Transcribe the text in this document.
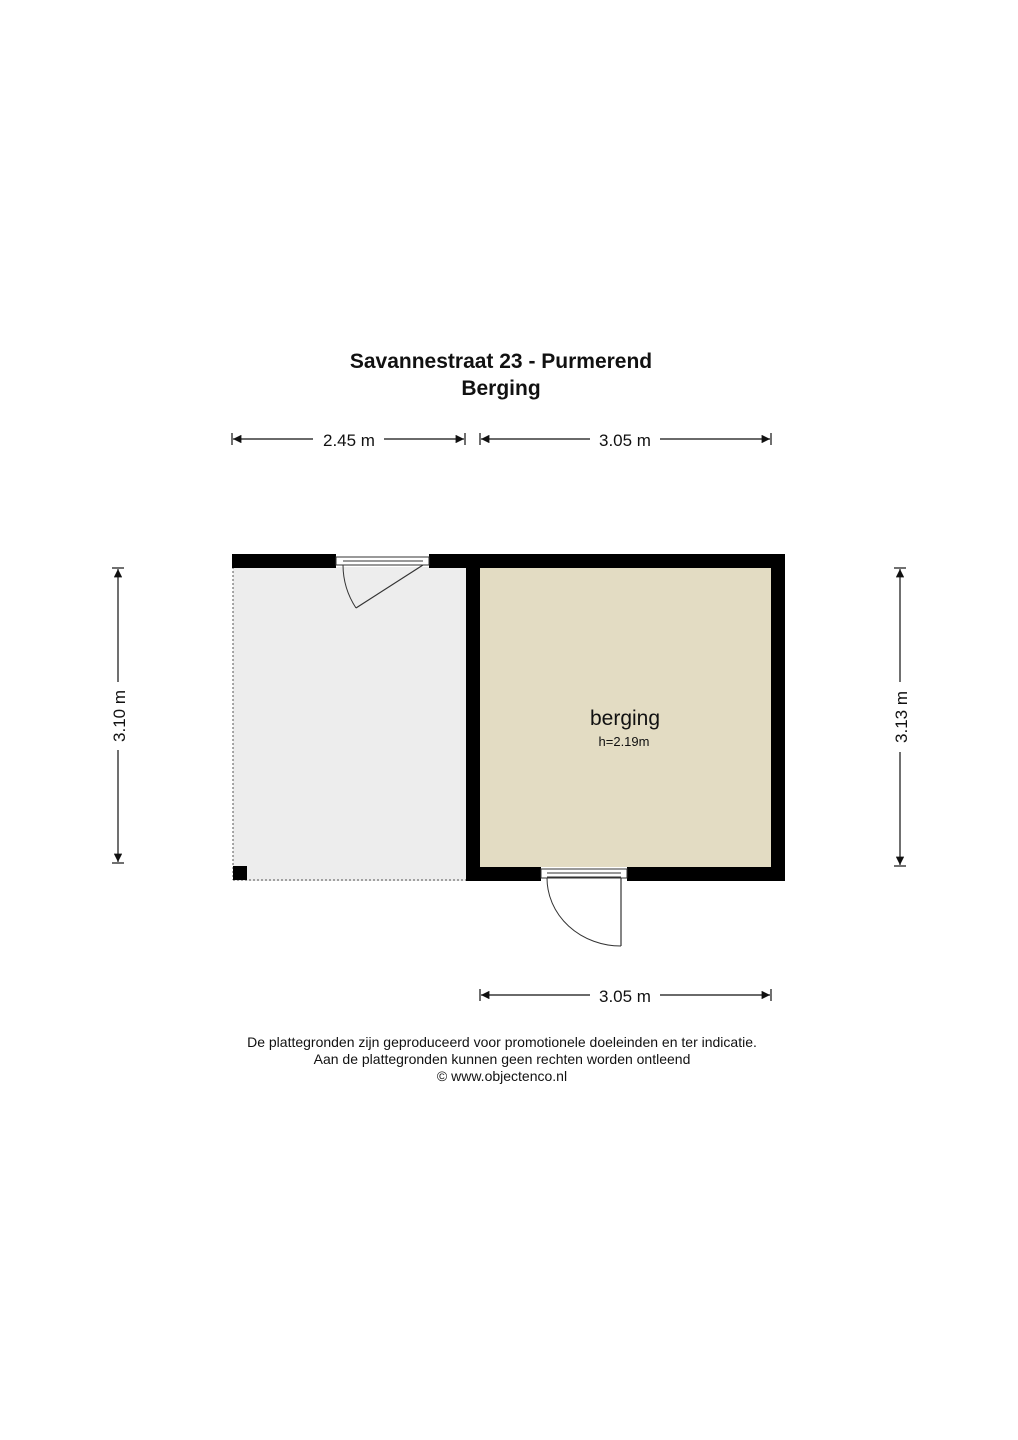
Savannestraat 23 - Purmerend
Berging
2.45 m	3.05 m
3.10 m	3.13 m
berging
h=2.19m
3.05 m
De plattegronden zijn geproduceerd voor promotionele doeleinden en ter indicatie.
Aan de plattegronden kunnen geen rechten worden ontleend
© www.objectenco.nl
